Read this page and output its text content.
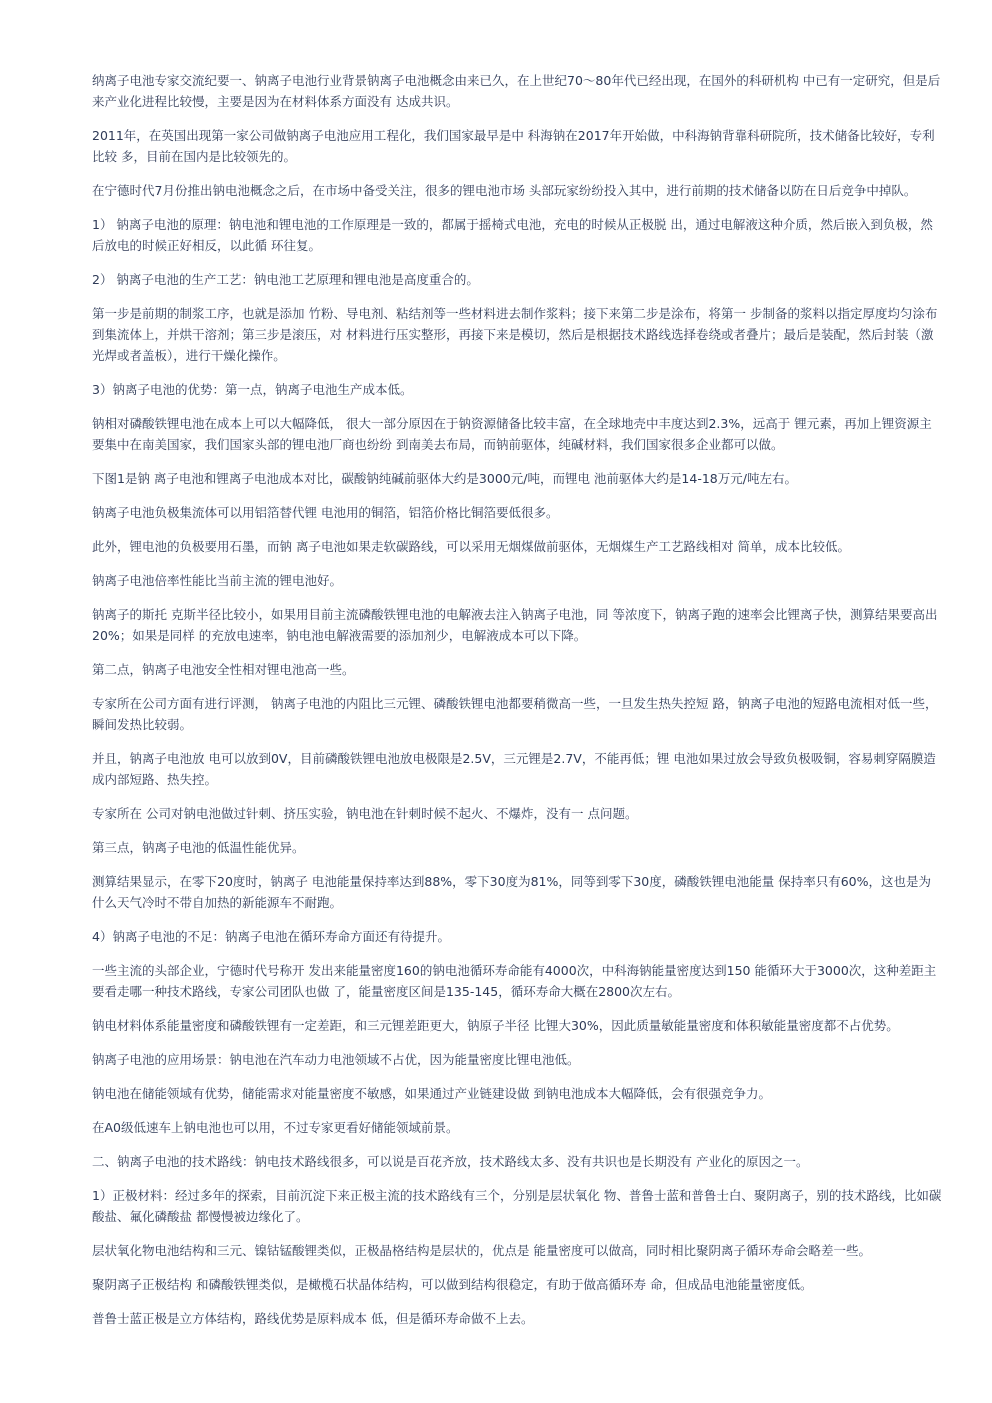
纳离子电池专家交流纪要一、钠离子电池行业背景钠离子电池概念由来已久，在上世纪70～80年代已经出现，在国外的科研机构 中已有一定研究，但是后来产业化进程比较慢，主要是因为在材料体系方面没有 达成共识。

2011年，在英国出现第一家公司做钠离子电池应用工程化，我们国家最早是中 科海钠在2017年开始做，中科海钠背靠科研院所，技术储备比较好，专利比较 多，目前在国内是比较领先的。

在宁德时代7月份推出钠电池概念之后，在市场中备受关注，很多的锂电池市场 头部玩家纷纷投入其中，进行前期的技术储备以防在日后竞争中掉队。

1） 钠离子电池的原理：钠电池和锂电池的工作原理是一致的，都属于摇椅式电池，充电的时候从正极脱 出，通过电解液这种介质，然后嵌入到负极，然后放电的时候正好相反，以此循 环往复。

2） 钠离子电池的生产工艺：钠电池工艺原理和锂电池是高度重合的。

第一步是前期的制浆工序，也就是添加 竹粉、导电剂、粘结剂等一些材料进去制作浆料；接下来第二步是涂布，将第一 步制备的浆料以指定厚度均匀涂布到集流体上，并烘干溶剂；第三步是滚压，对 材料进行压实整形，再接下来是模切，然后是根据技术路线选择卷绕或者叠片；最后是装配，然后封装（激光焊或者盖板），进行干燥化操作。

3）钠离子电池的优势：第一点，钠离子电池生产成本低。

钠相对磷酸铁锂电池在成本上可以大幅降低， 很大一部分原因在于钠资源储备比较丰富，在全球地壳中丰度达到2.3%，远高于 锂元素，再加上锂资源主要集中在南美国家，我们国家头部的锂电池厂商也纷纷 到南美去布局，而钠前驱体，纯碱材料，我们国家很多企业都可以做。

下图1是钠 离子电池和锂离子电池成本对比，碳酸钠纯碱前驱体大约是3000元/吨，而锂电 池前驱体大约是14-18万元/吨左右。

钠离子电池负极集流体可以用铝箔替代锂 电池用的铜箔，铝箔价格比铜箔要低很多。

此外，锂电池的负极要用石墨，而钠 离子电池如果走软碳路线，可以采用无烟煤做前驱体，无烟煤生产工艺路线相对 简单，成本比较低。

钠离子电池倍率性能比当前主流的锂电池好。

钠离子的斯托 克斯半径比较小，如果用目前主流磷酸铁锂电池的电解液去注入钠离子电池，同 等浓度下，钠离子跑的速率会比锂离子快，测算结果要高出20%；如果是同样 的充放电速率，钠电池电解液需要的添加剂少，电解液成本可以下降。

第二点，钠离子电池安全性相对锂电池高一些。

专家所在公司方面有进行评测， 钠离子电池的内阻比三元锂、磷酸铁锂电池都要稍微高一些，一旦发生热失控短 路，钠离子电池的短路电流相对低一些，瞬间发热比较弱。

并且，钠离子电池放 电可以放到0V，目前磷酸铁锂电池放电极限是2.5V，三元锂是2.7V，不能再低；锂 电池如果过放会导致负极吸铜，容易刺穿隔膜造成内部短路、热失控。

专家所在 公司对钠电池做过针刺、挤压实验，钠电池在针刺时候不起火、不爆炸，没有一 点问题。

第三点，钠离子电池的低温性能优异。

测算结果显示，在零下20度时，钠离子 电池能量保持率达到88%，零下30度为81%，同等到零下30度，磷酸铁锂电池能量 保持率只有60%，这也是为什么天气冷时不带自加热的新能源车不耐跑。

4）钠离子电池的不足：钠离子电池在循环寿命方面还有待提升。

一些主流的头部企业，宁德时代号称开 发出来能量密度160的钠电池循环寿命能有4000次，中科海钠能量密度达到150 能循环大于3000次，这种差距主要看走哪一种技术路线，专家公司团队也做 了，能量密度区间是135-145，循环寿命大概在2800次左右。

钠电材料体系能量密度和磷酸铁锂有一定差距，和三元锂差距更大，钠原子半径 比锂大30%，因此质量敏能量密度和体积敏能量密度都不占优势。

钠离子电池的应用场景：钠电池在汽车动力电池领域不占优，因为能量密度比锂电池低。

钠电池在储能领域有优势，储能需求对能量密度不敏感，如果通过产业链建设做 到钠电池成本大幅降低，会有很强竞争力。

在A0级低速车上钠电池也可以用，不过专家更看好储能领域前景。

二、钠离子电池的技术路线：钠电技术路线很多，可以说是百花齐放，技术路线太多、没有共识也是长期没有 产业化的原因之一。

1）正极材料：经过多年的探索，目前沉淀下来正极主流的技术路线有三个，分别是层状氧化 物、普鲁士蓝和普鲁士白、聚阴离子，别的技术路线，比如碳酸盐、氟化磷酸盐 都慢慢被边缘化了。

层状氧化物电池结构和三元、镍钴锰酸锂类似，正极晶格结构是层状的，优点是 能量密度可以做高，同时相比聚阴离子循环寿命会略差一些。

聚阴离子正极结构 和磷酸铁锂类似，是橄榄石状晶体结构，可以做到结构很稳定，有助于做高循环寿 命，但成品电池能量密度低。

普鲁士蓝正极是立方体结构，路线优势是原料成本 低，但是循环寿命做不上去。
